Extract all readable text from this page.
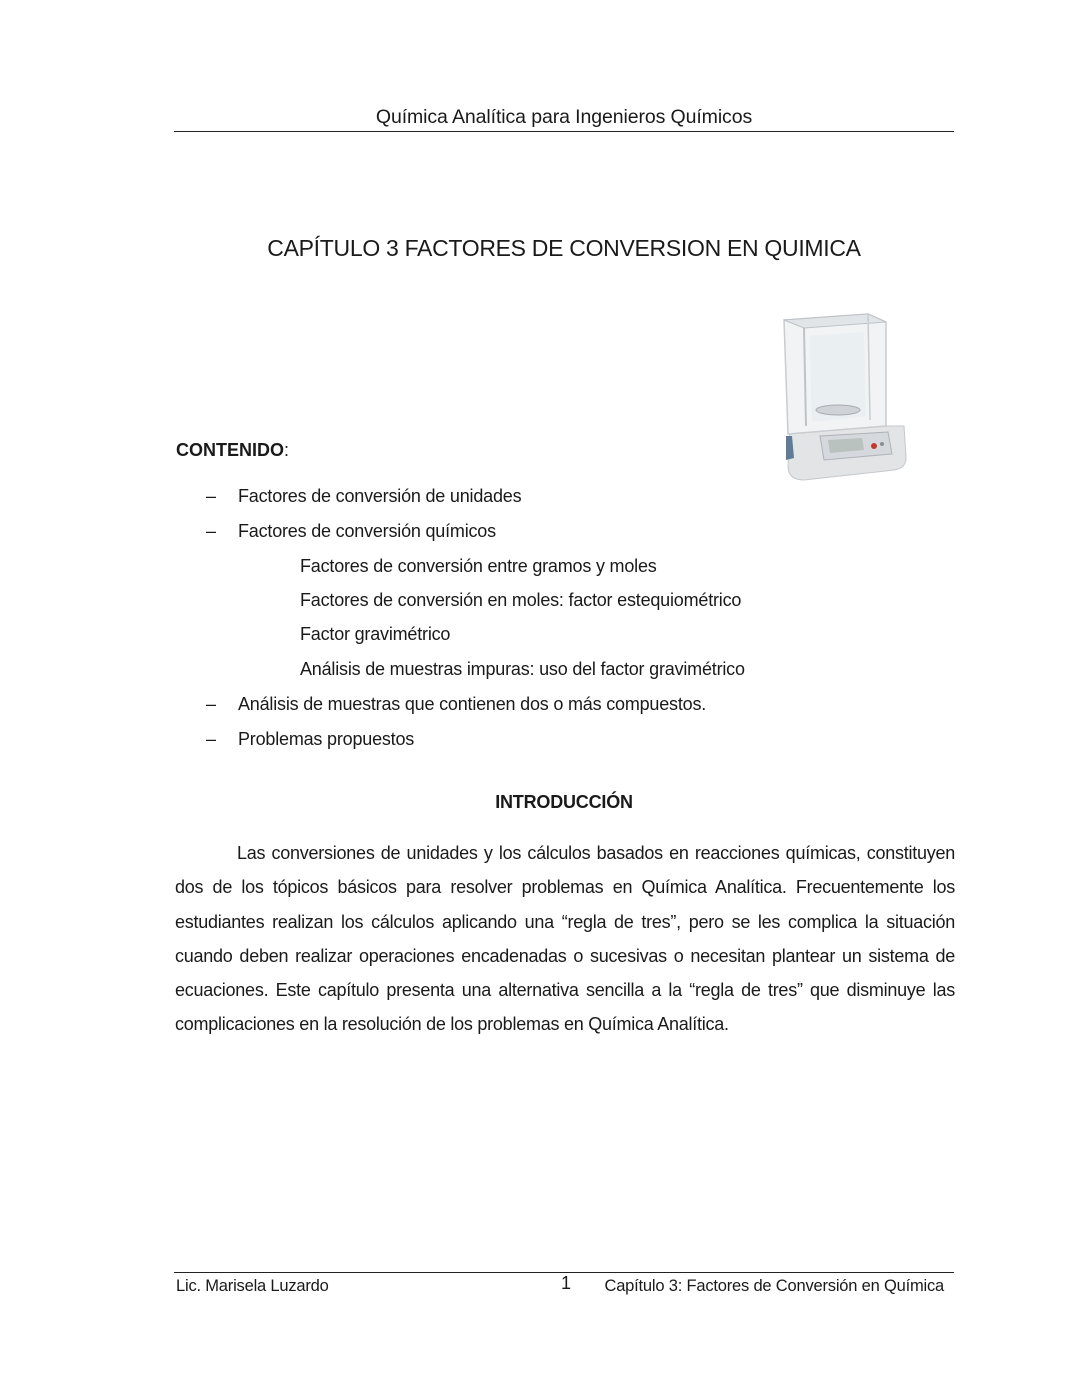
Química Analítica para Ingenieros Químicos
CAPÍTULO 3 FACTORES DE CONVERSION EN QUIMICA
CONTENIDO:
– Factores de conversión de unidades
– Factores de conversión químicos
Factores de conversión entre gramos y moles
Factores de conversión en moles: factor estequiométrico
Factor gravimétrico
Análisis de muestras impuras: uso del factor gravimétrico
– Análisis de muestras que contienen dos o más compuestos.
– Problemas propuestos
INTRODUCCIÓN

Las conversiones de unidades y los cálculos basados en reacciones químicas, constituyen dos de los tópicos básicos para resolver problemas en Química Analítica. Frecuentemente los estudiantes realizan los cálculos aplicando una “regla de tres”, pero se les complica la situación cuando deben realizar operaciones encadenadas o sucesivas o necesitan plantear un sistema de ecuaciones. Este capítulo presenta una alternativa sencilla a la “regla de tres” que disminuye las complicaciones en la resolución de los problemas en Química Analítica.

Lic. Marisela Luzardo	1 Capítulo 3: Factores de Conversión en Química
